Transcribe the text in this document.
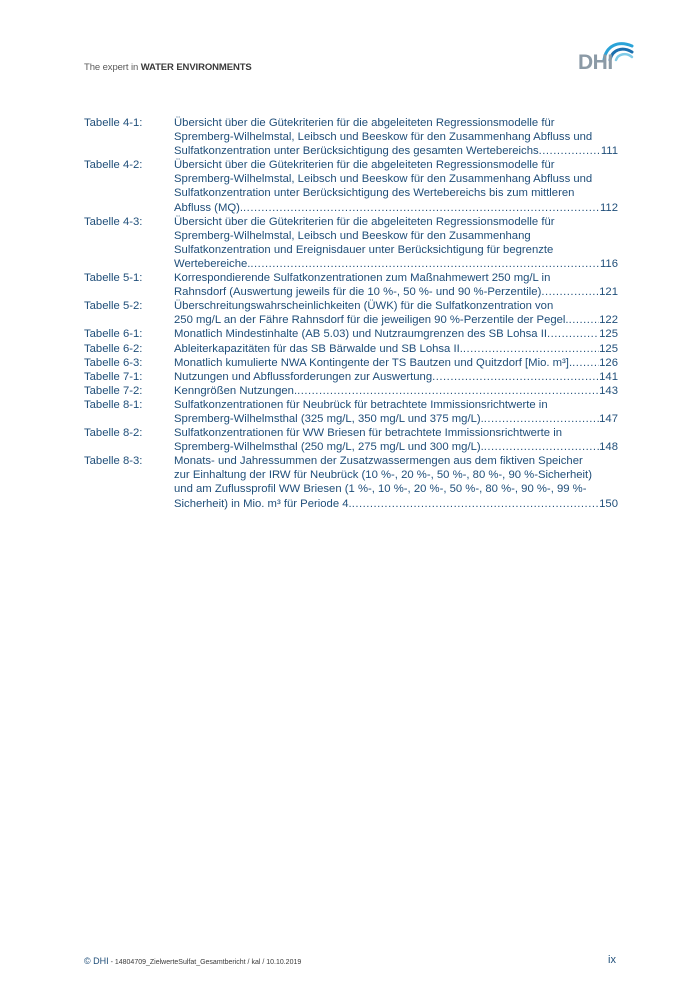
The expert in WATER ENVIRONMENTS	DHI
Tabelle 4-1:	Übersicht über die Gütekriterien für die abgeleiteten Regressionsmodelle für
Spremberg-Wilhelmstal, Leibsch und Beeskow für den Zusammenhang Abfluss und
Sulfatkonzentration unter Berücksichtigung des gesamten Wertebereichs .....	111
Tabelle 4-2:	Übersicht über die Gütekriterien für die abgeleiteten Regressionsmodelle für
Spremberg-Wilhelmstal, Leibsch und Beeskow für den Zusammenhang Abfluss und
Sulfatkonzentration unter Berücksichtigung des Wertebereichs bis zum mittleren
Abfluss (MQ). .....	112
Tabelle 4-3:	Übersicht über die Gütekriterien für die abgeleiteten Regressionsmodelle für
Spremberg-Wilhelmstal, Leibsch und Beeskow für den Zusammenhang
Sulfatkonzentration und Ereignisdauer unter Berücksichtigung für begrenzte
Wertebereiche. .....	116
Tabelle 5-1:	Korrespondierende Sulfatkonzentrationen zum Maßnahmewert 250 mg/L in
Rahnsdorf (Auswertung jeweils für die 10 %-, 50 %- und 90 %-Perzentile) .....	121
Tabelle 5-2:	Überschreitungswahrscheinlichkeiten (ÜWK) für die Sulfatkonzentration von
250 mg/L an der Fähre Rahnsdorf für die jeweiligen 90 %-Perzentile der Pegel. .....	122
Tabelle 6-1:	Monatlich Mindestinhalte (AB 5.03) und Nutzraumgrenzen des SB Lohsa II .....	125
Tabelle 6-2:	Ableiterkapazitäten für das SB Bärwalde und SB Lohsa II. .....	125
Tabelle 6-3:	Monatlich kumulierte NWA Kontingente der TS Bautzen und Quitzdorf [Mio. m³]. ..... 126
Tabelle 7-1:	Nutzungen und Abflussforderungen zur Auswertung .....	141
Tabelle 7-2:	Kenngrößen Nutzungen. .....	143
Tabelle 8-1:	Sulfatkonzentrationen für Neubrück für betrachtete Immissionsrichtwerte in
Spremberg-Wilhelmsthal (325 mg/L, 350 mg/L und 375 mg/L). .....	147
Tabelle 8-2:	Sulfatkonzentrationen für WW Briesen für betrachtete Immissionsrichtwerte in
Spremberg-Wilhelmsthal (250 mg/L, 275 mg/L und 300 mg/L). .....	148
Tabelle 8-3:	Monats- und Jahressummen der Zusatzwassermengen aus dem fiktiven Speicher
zur Einhaltung der IRW für Neubrück (10 %-, 20 %-, 50 %-, 80 %-, 90 %-Sicherheit)
und am Zuflussprofil WW Briesen (1 %-, 10 %-, 20 %-, 50 %-, 80 %-, 90 %-, 99 %-
Sicherheit) in Mio. m³ für Periode 4. .....	150
© DHI - 14804709_ZielwerteSulfat_Gesamtbericht / kal / 10.10.2019	ix
